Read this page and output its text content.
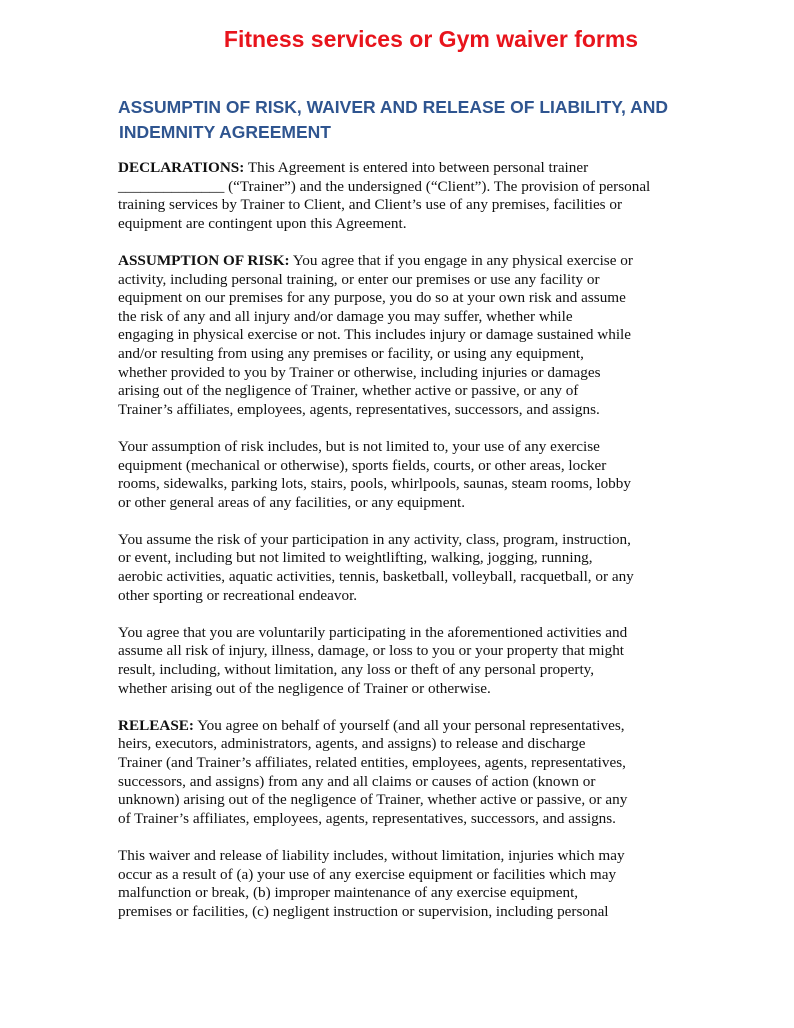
Fitness services or Gym waiver forms
ASSUMPTIN OF RISK, WAIVER AND RELEASE OF LIABILITY, AND
INDEMNITY AGREEMENT
DECLARATIONS: This Agreement is entered into between personal trainer
______________ (“Trainer”) and the undersigned (“Client”). The provision of personal
training services by Trainer to Client, and Client’s use of any premises, facilities or
equipment are contingent upon this Agreement.
ASSUMPTION OF RISK: You agree that if you engage in any physical exercise or
activity, including personal training, or enter our premises or use any facility or
equipment on our premises for any purpose, you do so at your own risk and assume
the risk of any and all injury and/or damage you may suffer, whether while
engaging in physical exercise or not. This includes injury or damage sustained while
and/or resulting from using any premises or facility, or using any equipment,
whether provided to you by Trainer or otherwise, including injuries or damages
arising out of the negligence of Trainer, whether active or passive, or any of
Trainer’s affiliates, employees, agents, representatives, successors, and assigns.
Your assumption of risk includes, but is not limited to, your use of any exercise
equipment (mechanical or otherwise), sports fields, courts, or other areas, locker
rooms, sidewalks, parking lots, stairs, pools, whirlpools, saunas, steam rooms, lobby
or other general areas of any facilities, or any equipment.
You assume the risk of your participation in any activity, class, program, instruction,
or event, including but not limited to weightlifting, walking, jogging, running,
aerobic activities, aquatic activities, tennis, basketball, volleyball, racquetball, or any
other sporting or recreational endeavor.
You agree that you are voluntarily participating in the aforementioned activities and
assume all risk of injury, illness, damage, or loss to you or your property that might
result, including, without limitation, any loss or theft of any personal property,
whether arising out of the negligence of Trainer or otherwise.
RELEASE: You agree on behalf of yourself (and all your personal representatives,
heirs, executors, administrators, agents, and assigns) to release and discharge
Trainer (and Trainer’s affiliates, related entities, employees, agents, representatives,
successors, and assigns) from any and all claims or causes of action (known or
unknown) arising out of the negligence of Trainer, whether active or passive, or any
of Trainer’s affiliates, employees, agents, representatives, successors, and assigns.
This waiver and release of liability includes, without limitation, injuries which may
occur as a result of (a) your use of any exercise equipment or facilities which may
malfunction or break, (b) improper maintenance of any exercise equipment,
premises or facilities, (c) negligent instruction or supervision, including personal
